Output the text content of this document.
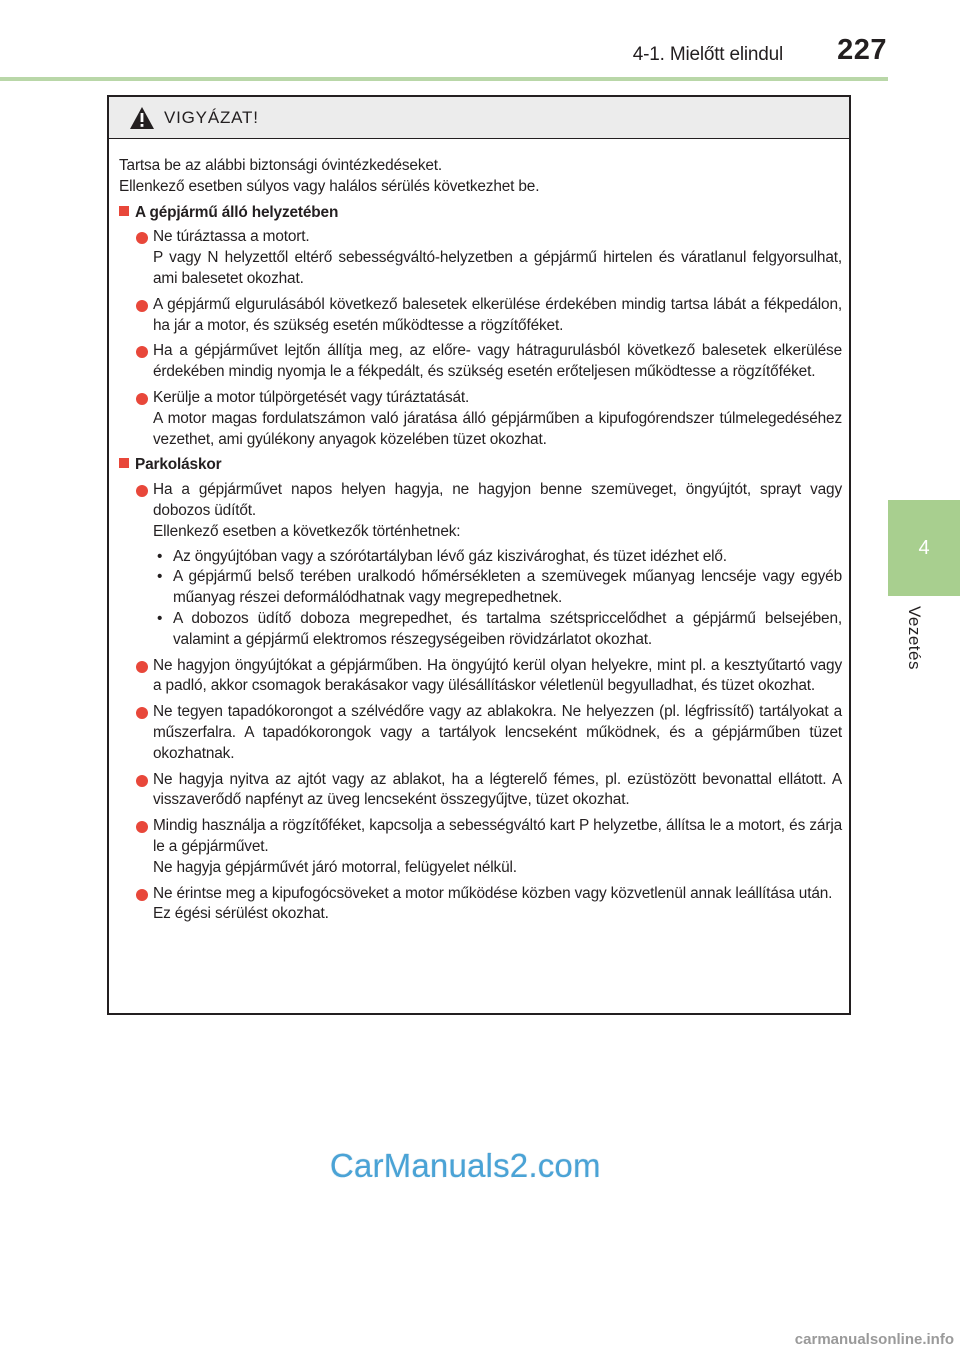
4-1. Mielőtt elindul 227
4
Vezetés
VIGYÁZAT!
Tartsa be az alábbi biztonsági óvintézkedéseket.
Ellenkező esetben súlyos vagy halálos sérülés következhet be.
A gépjármű álló helyzetében
Ne túráztassa a motort.
P vagy N helyzettől eltérő sebességváltó-helyzetben a gépjármű hirtelen és váratlanul felgyorsulhat, ami balesetet okozhat.
A gépjármű elgurulásából következő balesetek elkerülése érdekében mindig tartsa lábát a fékpedálon, ha jár a motor, és szükség esetén működtesse a rögzítőféket.
Ha a gépjárművet lejtőn állítja meg, az előre- vagy hátragurulásból következő balesetek elkerülése érdekében mindig nyomja le a fékpedált, és szükség esetén erőteljesen működtesse a rögzítőféket.
Kerülje a motor túlpörgetését vagy túráztatását.
A motor magas fordulatszámon való járatása álló gépjárműben a kipufogórendszer túlmelegedéséhez vezethet, ami gyúlékony anyagok közelében tüzet okozhat.
Parkoláskor
Ha a gépjárművet napos helyen hagyja, ne hagyjon benne szemüveget, öngyújtót, sprayt vagy dobozos üdítőt.
Ellenkező esetben a következők történhetnek:
• Az öngyújtóban vagy a szórótartályban lévő gáz kiszivároghat, és tüzet idézhet elő.
• A gépjármű belső terében uralkodó hőmérsékleten a szemüvegek műanyag lencséje vagy egyéb műanyag részei deformálódhatnak vagy megrepedhetnek.
• A dobozos üdítő doboza megrepedhet, és tartalma szétspriccelődhet a gépjármű belsejében, valamint a gépjármű elektromos részegységeiben rövidzárlatot okozhat.
Ne hagyjon öngyújtókat a gépjárműben. Ha öngyújtó kerül olyan helyekre, mint pl. a kesztyűtartó vagy a padló, akkor csomagok berakásakor vagy ülésállításkor véletlenül begyulladhat, és tüzet okozhat.
Ne tegyen tapadókorongot a szélvédőre vagy az ablakokra. Ne helyezzen (pl. légfrissítő) tartályokat a műszerfalra. A tapadókorongok vagy a tartályok lencseként működnek, és a gépjárműben tüzet okozhatnak.
Ne hagyja nyitva az ajtót vagy az ablakot, ha a légterelő fémes, pl. ezüstözött bevonattal ellátott. A visszaverődő napfényt az üveg lencseként összegyűjtve, tüzet okozhat.
Mindig használja a rögzítőféket, kapcsolja a sebességváltó kart P helyzetbe, állítsa le a motort, és zárja le a gépjárművet.
Ne hagyja gépjárművét járó motorral, felügyelet nélkül.
Ne érintse meg a kipufogócsöveket a motor működése közben vagy közvetlenül annak leállítása után.
Ez égési sérülést okozhat.
CarManuals2.com
carmanualsonline.info
